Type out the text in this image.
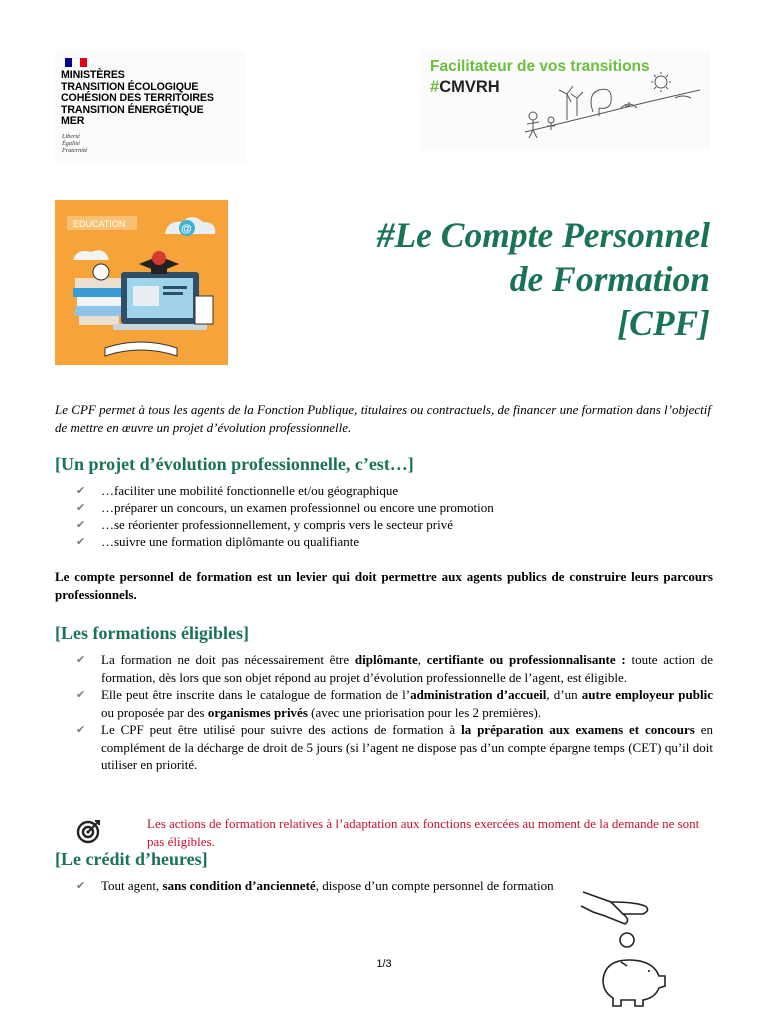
MINISTÈRES
TRANSITION ÉCOLOGIQUE
COHÉSION DES TERRITOIRES
TRANSITION ÉNERGÉTIQUE
MER
Liberté
Égalité
Fraternité
Facilitateur de vos transitions
#CMVRH
EDUCATION	@	#Le Compte Personnel
de Formation
[CPF]
Le CPF permet à tous les agents de la Fonction Publique, titulaires ou contractuels, de financer une formation dans l’objectif de mettre en œuvre un projet d’évolution professionnelle.
[Un projet d’évolution professionnelle, c’est…]
✔ …faciliter une mobilité fonctionnelle et/ou géographique
✔ …préparer un concours, un examen professionnel ou encore une promotion
✔ …se réorienter professionnellement, y compris vers le secteur privé
✔ …suivre une formation diplômante ou qualifiante
Le compte personnel de formation est un levier qui doit permettre aux agents publics de construire leurs parcours professionnels.
[Les formations éligibles]
✔ La formation ne doit pas nécessairement être diplômante, certifiante ou professionnalisante : toute action de formation, dès lors que son objet répond au projet d’évolution professionnelle de l’agent, est éligible.
✔ Elle peut être inscrite dans le catalogue de formation de l’administration d’accueil, d’un autre employeur public ou proposée par des organismes privés (avec une priorisation pour les 2 premières).
✔ Le CPF peut être utilisé pour suivre des actions de formation à la préparation aux examens et concours en complément de la décharge de droit de 5 jours (si l’agent ne dispose pas d’un compte épargne temps (CET) qu’il doit utiliser en priorité.
Les actions de formation relatives à l’adaptation aux fonctions exercées au moment de la demande ne sont pas éligibles.
[Le crédit d’heures]
✔ Tout agent, sans condition d’ancienneté, dispose d’un compte personnel de formation
1/3
